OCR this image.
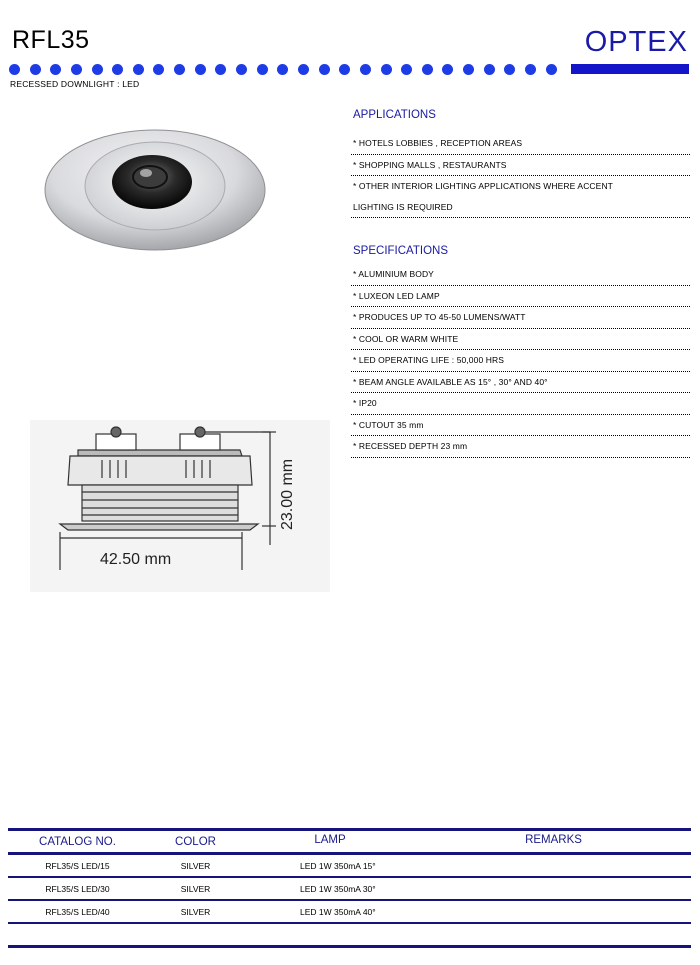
RFL35	OPTEX
RECESSED DOWNLIGHT : LED
42.50 mm
23.00 mm
APPLICATIONS
* HOTELS LOBBIES , RECEPTION AREAS
* SHOPPING MALLS , RESTAURANTS
* OTHER INTERIOR LIGHTING APPLICATIONS WHERE ACCENT
LIGHTING IS REQUIRED
SPECIFICATIONS
* ALUMINIUM BODY
* LUXEON LED LAMP
* PRODUCES UP TO 45-50 LUMENS/WATT
* COOL OR WARM WHITE
* LED OPERATING LIFE : 50,000 HRS
* BEAM ANGLE AVAILABLE AS 15° , 30° AND 40°
* IP20
* CUTOUT 35 mm
* RECESSED DEPTH 23 mm
CATALOG NO.	COLOR	LAMP	REMARKS
RFL35/S LED/15	SILVER	LED 1W 350mA 15°
RFL35/S LED/30	SILVER	LED 1W 350mA 30°
RFL35/S LED/40	SILVER	LED 1W 350mA 40°
